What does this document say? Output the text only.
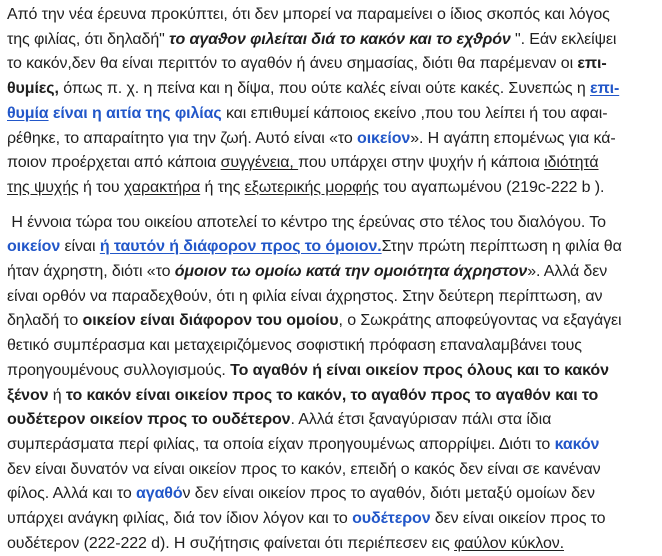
Από την νέα έρευνα προκύπτει, ότι δεν μπορεί να παραμείνει ο ίδιος σκοπός και λόγος
της φιλίας, ότι δηλαδή" το αγαϑον φιλείται διά το κακόν και το εχϑρόν ". Εάν εκλείψει
το κακόν,δεν θα είναι περιττόν το αγαθόν ή άνευ σημασίας, διότι θα παρέμεναν οι επι-
θυμίες, όπως π. χ. η πείνα και η δίψα, που ούτε καλές είναι ούτε κακές. Συνεπώς η επι-
θυμία είναι η αιτία της φιλίας και επιθυμεί κάποιος εκείνο ,που του λείπει ή του αφαι-
ρέθηκε, το απαραίτητο για την ζωή. Αυτό είναι «το οικείον». Η αγάπη επομένως για κά-
ποιον προέρχεται από κάποια συγγένεια, που υπάρχει στην ψυχήν ή κάποια ιδιότητά
της ψυχής ή του χαρακτήρα ή της εξωτερικής μορφής του αγαπωμένου (219c-222 b ).
Η έννοια τώρα του οικείου αποτελεί το κέντρο της έρεύνας στο τέλος του διαλόγου. Το
οικείον είναι ή ταυτόν ή διάφορον προς το όμοιον.Στην πρώτη περίπτωση η φιλία θα
ήταν άχρηστη, διότι «το όμοιον τω ομοίω κατά την ομοιότητα άχρηστον». Αλλά δεν
είναι ορθόν να παραδεχθούν, ότι η φιλία είναι άχρηστος. Στην δεύτερη περίπτωση, αν
δηλαδή το οικείον είναι διάφορον του ομοίου, ο Σωκράτης αποφεύγοντας να εξαγάγει
θετικό συμπέρασμα και μεταχειριζόμενος σοφιστική πρόφαση επαναλαμβάνει τους
προηγουμένους συλλογισμούς. Το αγαθόν ή είναι οικείον προς όλους και το κακόν
ξένον ή το κακόν είναι οικείον προς το κακόν, το αγαθόν προς το αγαθόν και το
ουδέτερον οικείον προς το ουδέτερον. Αλλά έτσι ξαναγύρισαν πάλι στα ίδια
συμπεράσματα περί φιλίας, τα οποία είχαν προηγουμένως απορρίψει. Διότι το κακόν
δεν είναι δυνατόν να είναι οικείον προς το κακόν, επειδή ο κακός δεν είναι σε κανέναν
φίλος. Αλλά και το αγαθόν δεν είναι οικείον προς το αγαθόν, διότι μεταξύ ομοίων δεν
υπάρχει ανάγκη φιλίας, διά τον ίδιον λόγον και το ουδέτερον δεν είναι οικείον προς το
ουδέτερον (222-222 d). Η συζήτησις φαίνεται ότι περιέπεσεν εις φαύλον κύκλον.
